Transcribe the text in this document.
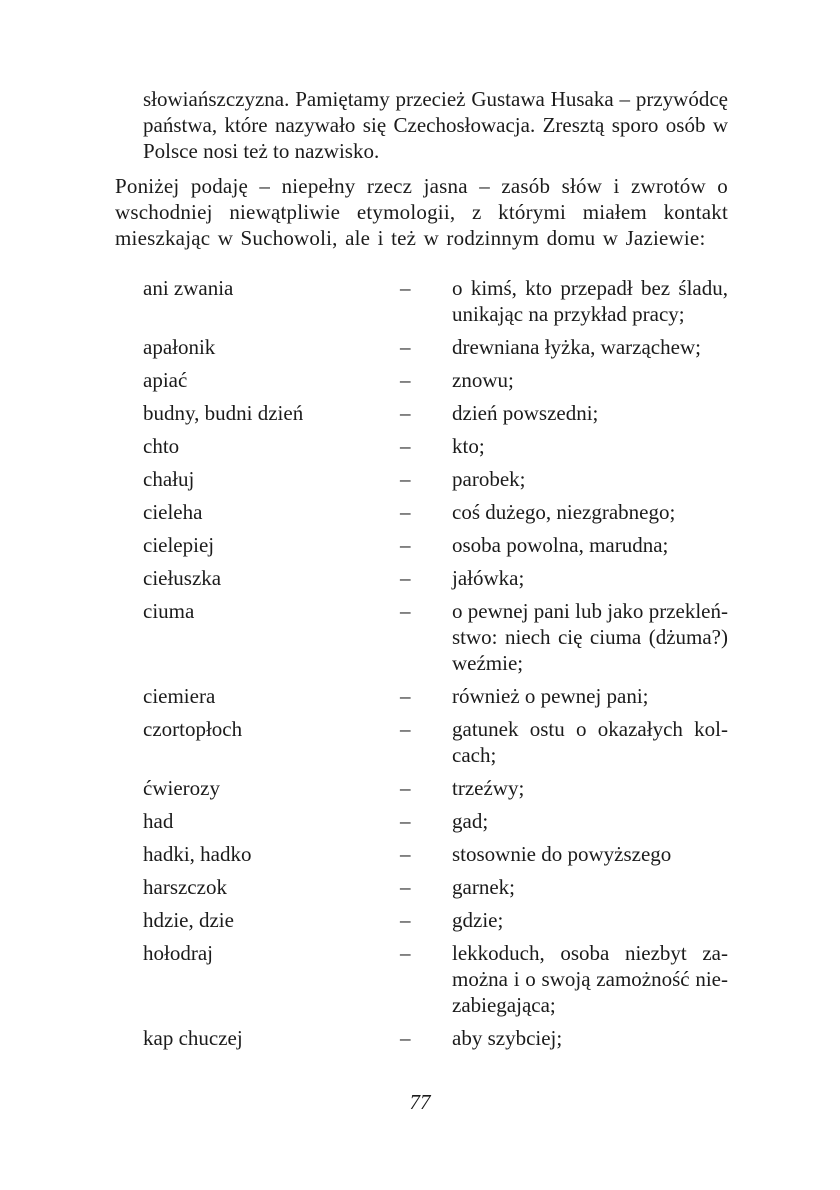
słowiańszczyzna. Pamiętamy przecież Gustawa Husaka – przywódcę państwa, które nazywało się Czechosłowacja. Zresztą sporo osób w Polsce nosi też to nazwisko.

Poniżej podaję – niepełny rzecz jasna – zasób słów i zwrotów o wschodniej niewątpliwie etymologii, z którymi miałem kontakt mieszkając w Suchowoli, ale i też w rodzinnym domu w Jaziewie:

ani zwania	–	o kimś, kto przepadł bez śladu, unikając na przykład pracy;
apałonik	–	drewniana łyżka, warząchew;
apiać	–	znowu;
budny, budni dzień	–	dzień powszedni;
chto	–	kto;
chałuj	–	parobek;
cieleha	–	coś dużego, niezgrabnego;
cielepiej	–	osoba powolna, marudna;
ciełuszka	–	jałówka;
ciuma	–	o pewnej pani lub jako przekleństwo: niech cię ciuma (dżuma?) weźmie;
ciemiera	–	również o pewnej pani;
czortopłoch	–	gatunek ostu o okazałych kolcach;
ćwierozy	–	trzeźwy;
had	–	gad;
hadki, hadko	–	stosownie do powyższego
harszczok	–	garnek;
hdzie, dzie	–	gdzie;
hołodraj	–	lekkoduch, osoba niezbyt zamożna i o swoją zamożność niezabiegająca;
kap chuczej	–	aby szybciej;
77
